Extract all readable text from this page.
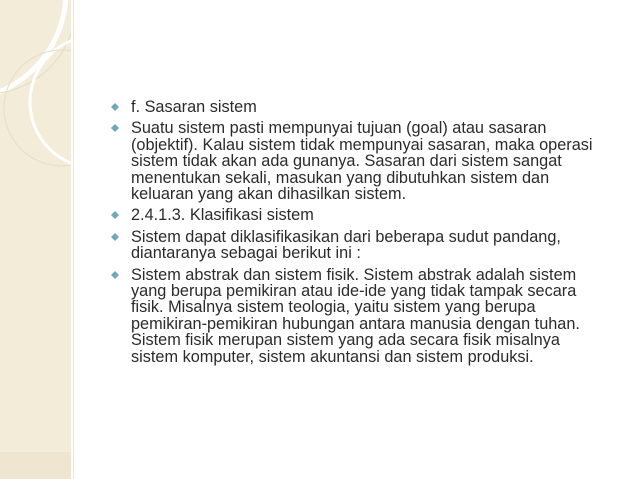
f. Sasaran sistem
Suatu sistem pasti mempunyai tujuan (goal) atau sasaran (objektif). Kalau sistem tidak mempunyai sasaran, maka operasi sistem tidak akan ada gunanya. Sasaran dari sistem sangat menentukan sekali, masukan yang dibutuhkan sistem dan keluaran yang akan dihasilkan sistem.
2.4.1.3. Klasifikasi sistem
Sistem dapat diklasifikasikan dari beberapa sudut pandang, diantaranya sebagai berikut ini :
Sistem abstrak dan sistem fisik. Sistem abstrak adalah sistem yang berupa pemikiran atau ide-ide yang tidak tampak secara fisik. Misalnya sistem teologia, yaitu sistem yang berupa pemikiran-pemikiran hubungan antara manusia dengan tuhan. Sistem fisik merupan sistem yang ada secara fisik misalnya sistem komputer, sistem akuntansi dan sistem produksi.
